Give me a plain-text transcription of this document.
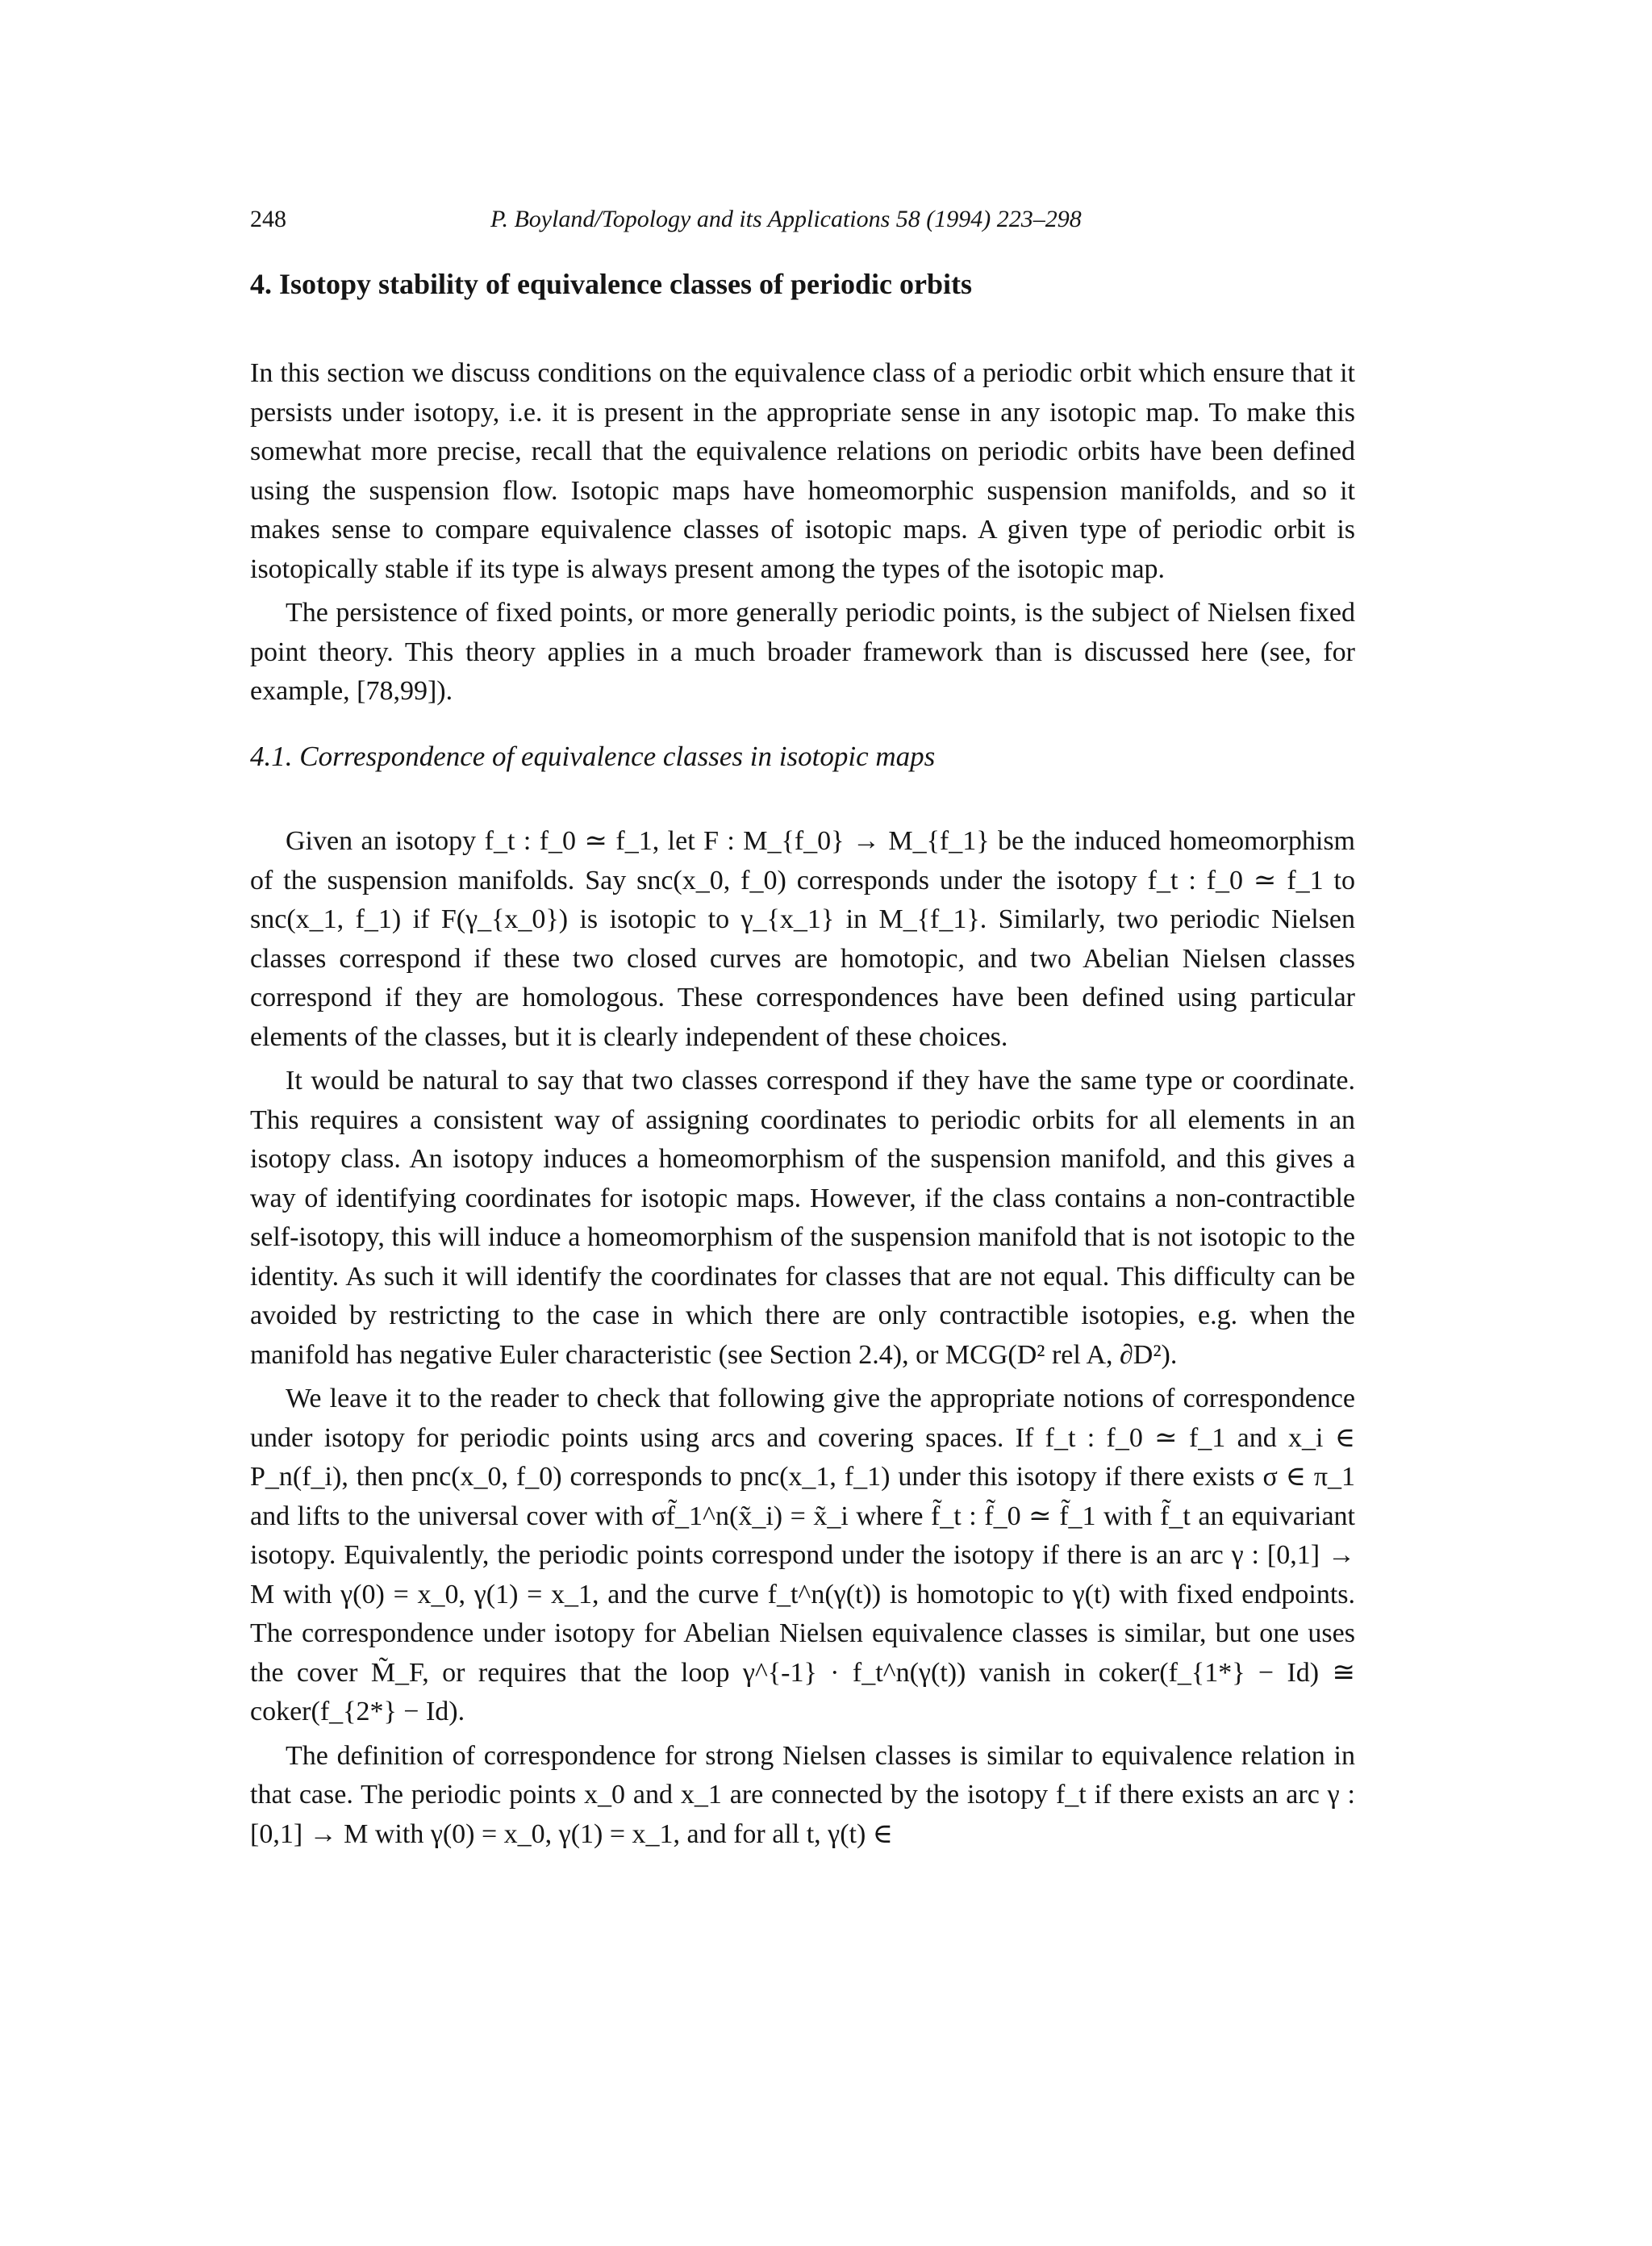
248	P. Boyland/Topology and its Applications 58 (1994) 223–298
4. Isotopy stability of equivalence classes of periodic orbits

In this section we discuss conditions on the equivalence class of a periodic orbit which ensure that it persists under isotopy, i.e. it is present in the appropriate sense in any isotopic map. To make this somewhat more precise, recall that the equivalence relations on periodic orbits have been defined using the suspension flow. Isotopic maps have homeomorphic suspension manifolds, and so it makes sense to compare equivalence classes of isotopic maps. A given type of periodic orbit is isotopically stable if its type is always present among the types of the isotopic map.

The persistence of fixed points, or more generally periodic points, is the subject of Nielsen fixed point theory. This theory applies in a much broader framework than is discussed here (see, for example, [78,99]).

4.1. Correspondence of equivalence classes in isotopic maps

Given an isotopy f_t : f_0 ≃ f_1, let F : M_{f_0} → M_{f_1} be the induced homeomorphism of the suspension manifolds. Say snc(x_0, f_0) corresponds under the isotopy f_t : f_0 ≃ f_1 to snc(x_1, f_1) if F(γ_{x_0}) is isotopic to γ_{x_1} in M_{f_1}. Similarly, two periodic Nielsen classes correspond if these two closed curves are homotopic, and two Abelian Nielsen classes correspond if they are homologous. These correspondences have been defined using particular elements of the classes, but it is clearly independent of these choices.

It would be natural to say that two classes correspond if they have the same type or coordinate. This requires a consistent way of assigning coordinates to periodic orbits for all elements in an isotopy class. An isotopy induces a homeomorphism of the suspension manifold, and this gives a way of identifying coordinates for isotopic maps. However, if the class contains a non-contractible self-isotopy, this will induce a homeomorphism of the suspension manifold that is not isotopic to the identity. As such it will identify the coordinates for classes that are not equal. This difficulty can be avoided by restricting to the case in which there are only contractible isotopies, e.g. when the manifold has negative Euler characteristic (see Section 2.4), or MCG(D² rel A, ∂D²).

We leave it to the reader to check that following give the appropriate notions of correspondence under isotopy for periodic points using arcs and covering spaces. If f_t : f_0 ≃ f_1 and x_i ∈ P_n(f_i), then pnc(x_0, f_0) corresponds to pnc(x_1, f_1) under this isotopy if there exists σ ∈ π_1 and lifts to the universal cover with σf̃_1^n(x̃_i) = x̃_i where f̃_t : f̃_0 ≃ f̃_1 with f̃_t an equivariant isotopy. Equivalently, the periodic points correspond under the isotopy if there is an arc γ : [0,1] → M with γ(0) = x_0, γ(1) = x_1, and the curve f_t^n(γ(t)) is homotopic to γ(t) with fixed endpoints. The correspondence under isotopy for Abelian Nielsen equivalence classes is similar, but one uses the cover M̃_F, or requires that the loop γ^{-1} · f_t^n(γ(t)) vanish in coker(f_{1*} − Id) ≅ coker(f_{2*} − Id).

The definition of correspondence for strong Nielsen classes is similar to equivalence relation in that case. The periodic points x_0 and x_1 are connected by the isotopy f_t if there exists an arc γ : [0,1] → M with γ(0) = x_0, γ(1) = x_1, and for all t, γ(t) ∈
